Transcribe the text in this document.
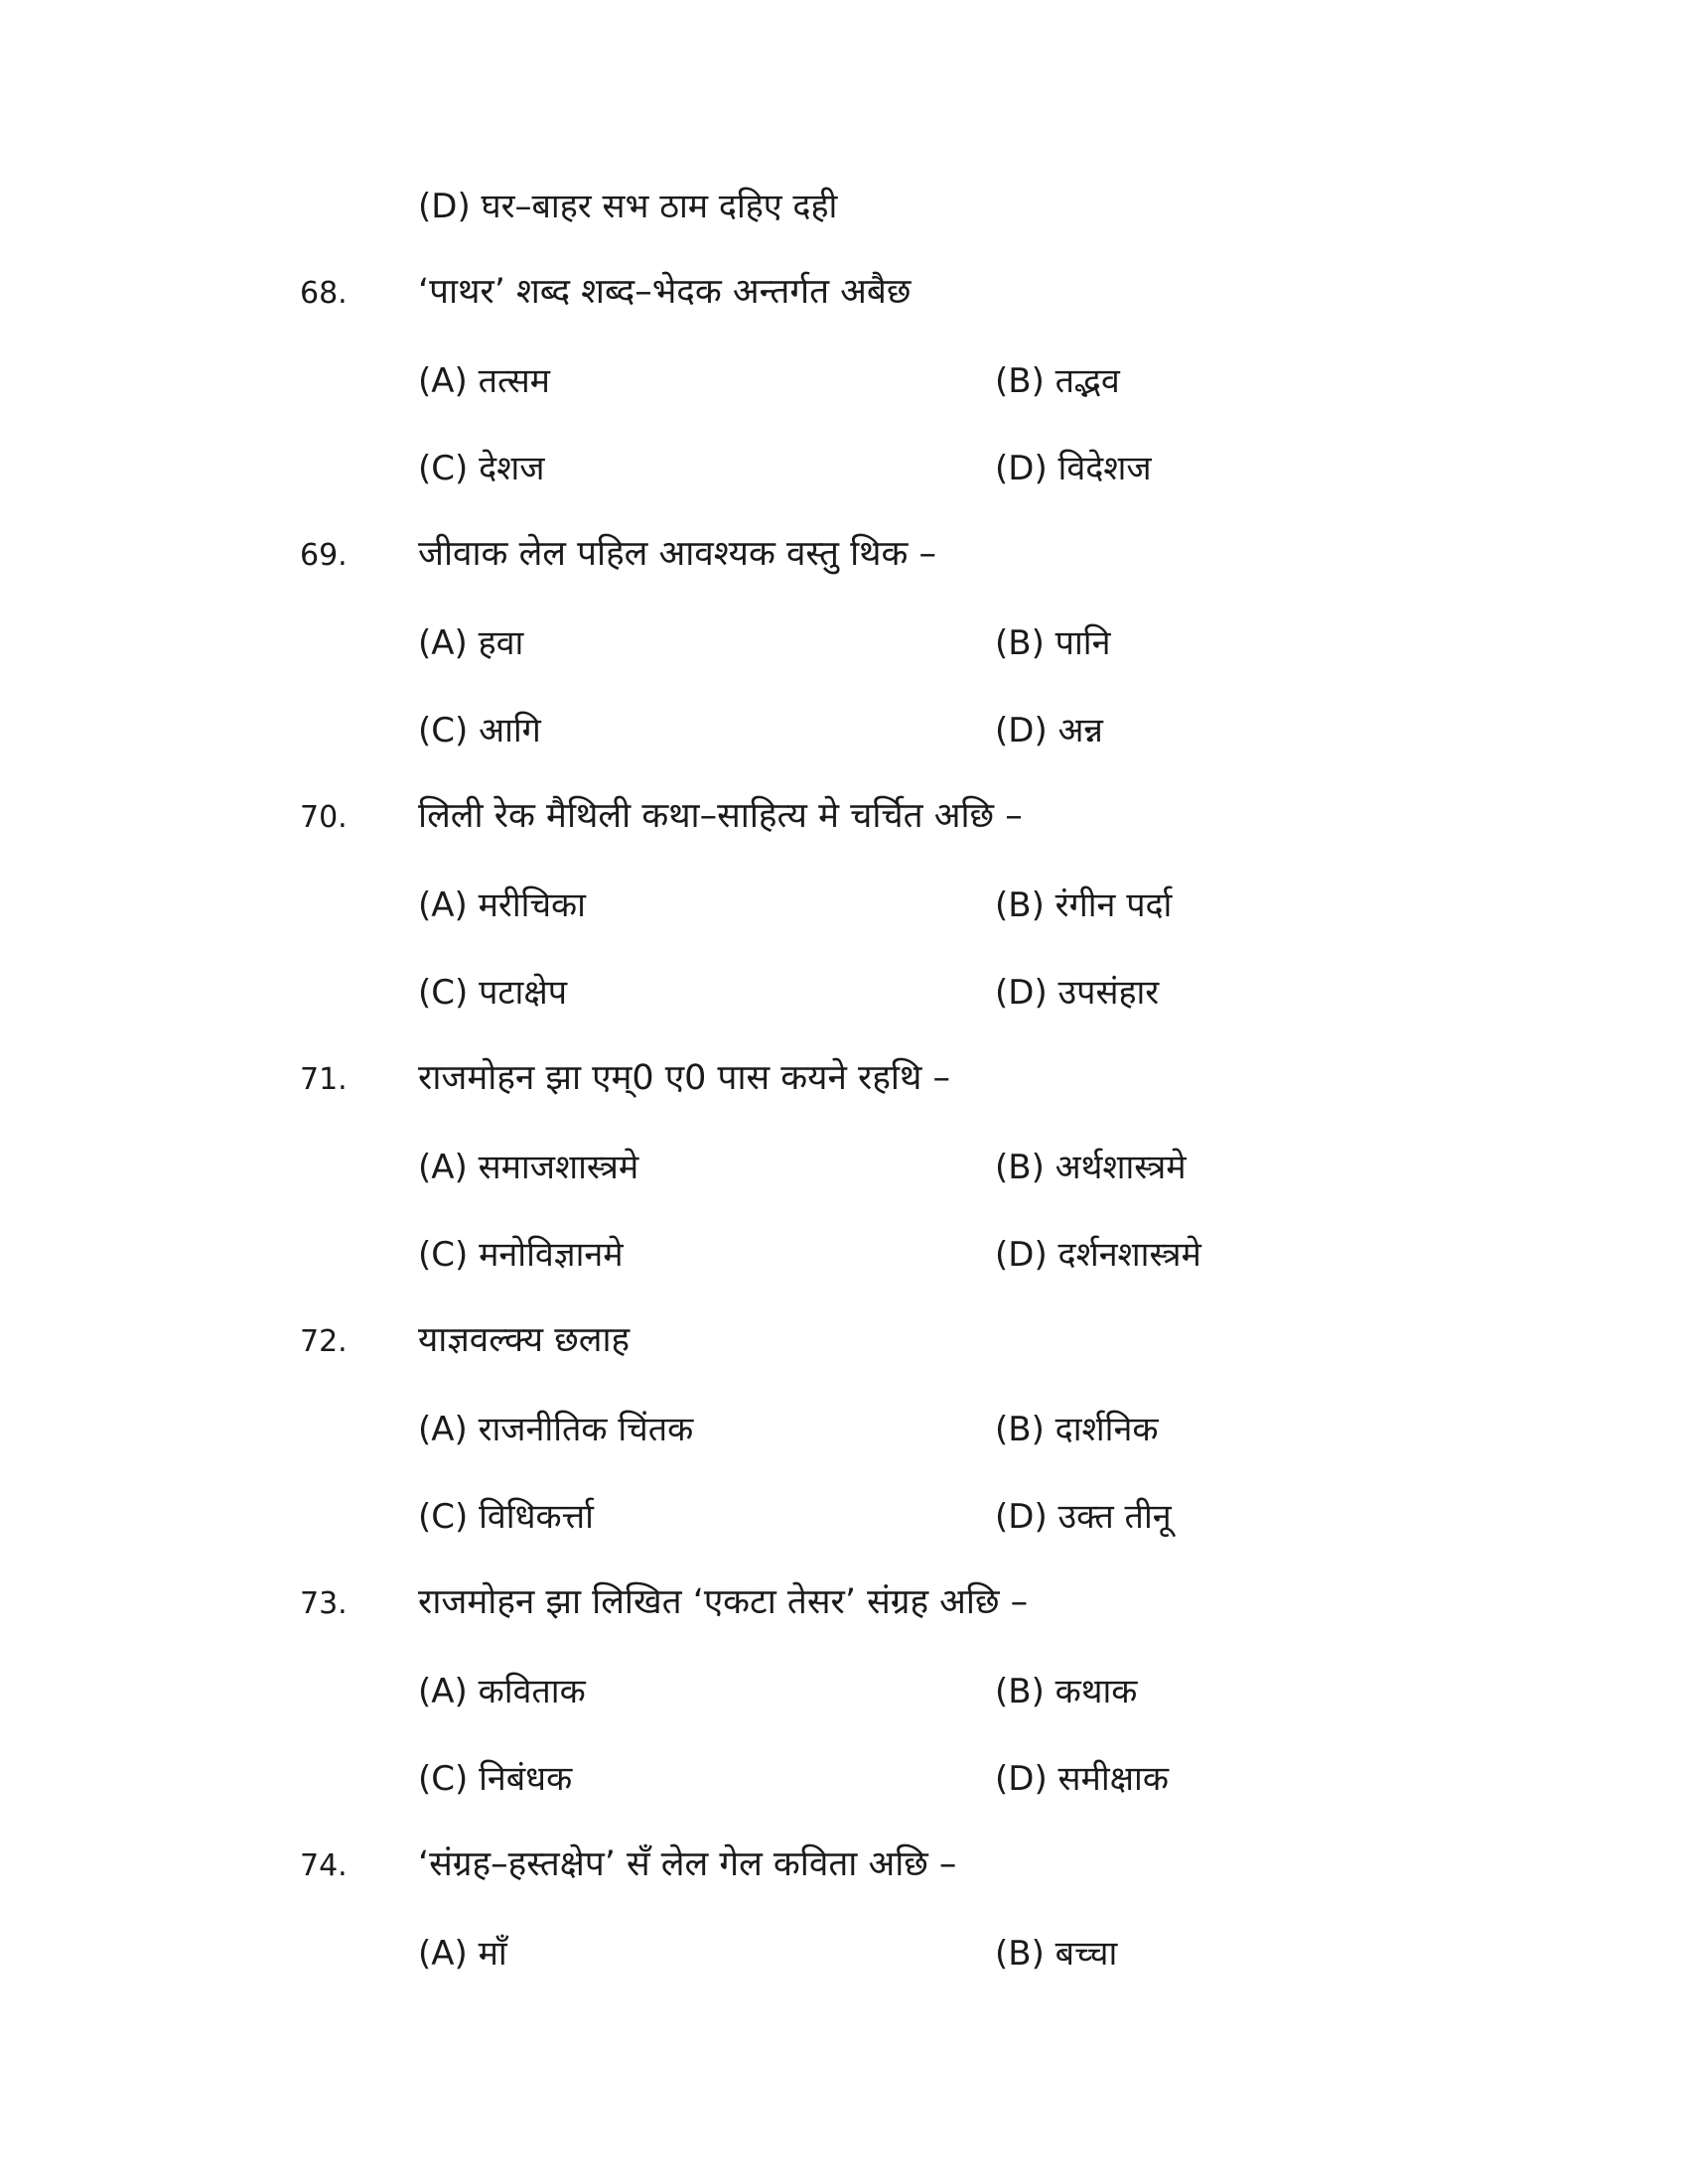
(D) घर–बाहर सभ ठाम दहिए दही
68. ‘पाथर’ शब्द शब्द–भेदक अन्तर्गत अबैछ
(A) तत्सम	(B) तद्भव
(C) देशज	(D) विदेशज
69. जीवाक लेल पहिल आवश्यक वस्तु थिक –
(A) हवा	(B) पानि
(C) आगि	(D) अन्न
70. लिली रेक मैथिली कथा–साहित्य मे चर्चित अछि –
(A) मरीचिका	(B) रंगीन पर्दा
(C) पटाक्षेप	(D) उपसंहार
71. राजमोहन झा एम्0 ए0 पास कयने रहथि –
(A) समाजशास्त्रमे	(B) अर्थशास्त्रमे
(C) मनोविज्ञानमे	(D) दर्शनशास्त्रमे
72. याज्ञवल्क्य छलाह
(A) राजनीतिक चिंतक	(B) दार्शनिक
(C) विधिकर्त्ता	(D) उक्त तीनू
73. राजमोहन झा लिखित ‘एकटा तेसर’ संग्रह अछि –
(A) कविताक	(B) कथाक
(C) निबंधक	(D) समीक्षाक
74. ‘संग्रह–हस्तक्षेप’ सँ लेल गेल कविता अछि –
(A) माँ	(B) बच्चा
